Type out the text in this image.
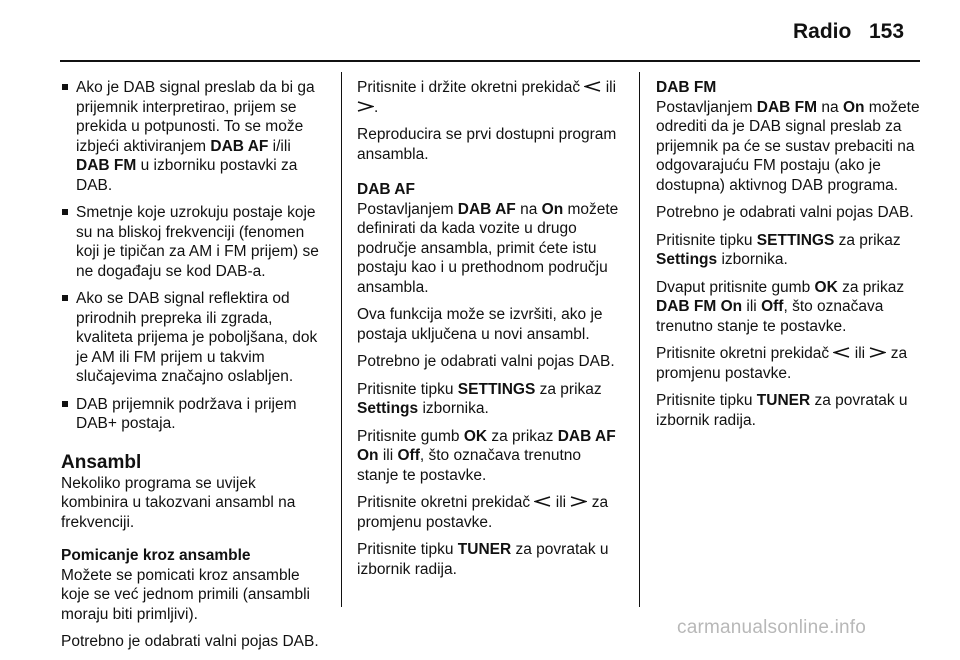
Radio 153
Ako je DAB signal preslab da bi ga prijemnik interpretirao, prijem se prekida u potpunosti. To se može izbjeći aktiviranjem DAB AF i/ili DAB FM u izborniku postavki za DAB.
Smetnje koje uzrokuju postaje koje su na bliskoj frekvenciji (fenomen koji je tipičan za AM i FM prijem) se ne događaju se kod DAB-a.
Ako se DAB signal reflektira od prirodnih prepreka ili zgrada, kvaliteta prijema je poboljšana, dok je AM ili FM prijem u takvim slučajevima značajno oslabljen.
DAB prijemnik podržava i prijem DAB+ postaja.
Ansambl

Nekoliko programa se uvijek kombinira u takozvani ansambl na frekvenciji.

Pomicanje kroz ansamble

Možete se pomicati kroz ansamble koje se već jednom primili (ansambli moraju biti primljivi).

Potrebno je odabrati valni pojas DAB.

Pritisnite i držite okretni prekidač  ili .

Reproducira se prvi dostupni program ansambla.

DAB AF

Postavljanjem DAB AF na On možete definirati da kada vozite u drugo područje ansambla, primit ćete istu postaju kao i u prethodnom području ansambla.

Ova funkcija može se izvršiti, ako je postaja uključena u novi ansambl.

Potrebno je odabrati valni pojas DAB.

Pritisnite tipku SETTINGS za prikaz Settings izbornika.

Pritisnite gumb OK za prikaz DAB AF On ili Off, što označava trenutno stanje te postavke.

Pritisnite okretni prekidač  ili  za promjenu postavke.

Pritisnite tipku TUNER za povratak u izbornik radija.

DAB FM

Postavljanjem DAB FM na On možete odrediti da je DAB signal preslab za prijemnik pa će se sustav prebaciti na odgovarajuću FM postaju (ako je dostupna) aktivnog DAB programa.

Potrebno je odabrati valni pojas DAB.

Pritisnite tipku SETTINGS za prikaz Settings izbornika.

Dvaput pritisnite gumb OK za prikaz DAB FM On ili Off, što označava trenutno stanje te postavke.

Pritisnite okretni prekidač  ili  za promjenu postavke.

Pritisnite tipku TUNER za povratak u izbornik radija.

carmanualsonline.info
